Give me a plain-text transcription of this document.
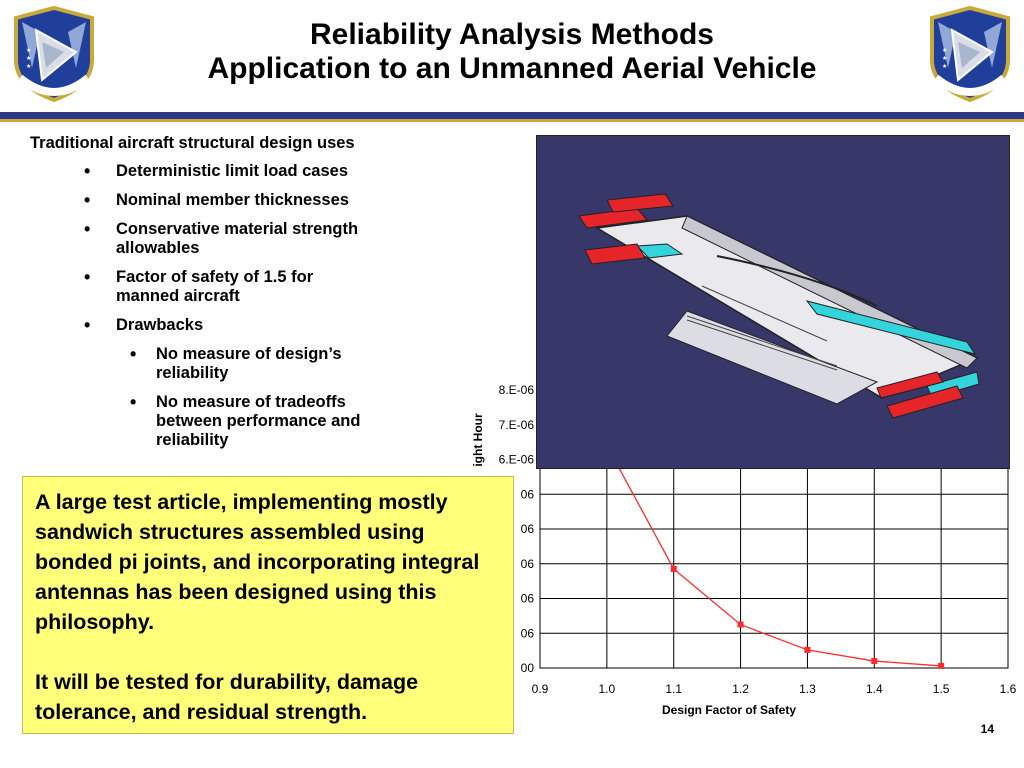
★
★
★
★
★
★
Reliability Analysis Methods
Application to an Unmanned Aerial Vehicle
Traditional aircraft structural design uses
• Deterministic limit load cases
• Nominal member thicknesses
• Conservative material strength allowables
• Factor of safety of 1.5 for manned aircraft
• Drawbacks
• No measure of design’s reliability
• No measure of tradeoffs between performance and reliability
0.9	1.0	1.1	1.2	1.3	1.4	1.5	1.6
00
06
06
06
06
06
6.E-06
7.E-06
8.E-06
Design Factor of Safety
ight Hour

A large test article, implementing mostly sandwich structures assembled using bonded pi joints, and incorporating integral antennas has been designed using this philosophy.

It will be tested for durability, damage tolerance, and residual strength.

14
